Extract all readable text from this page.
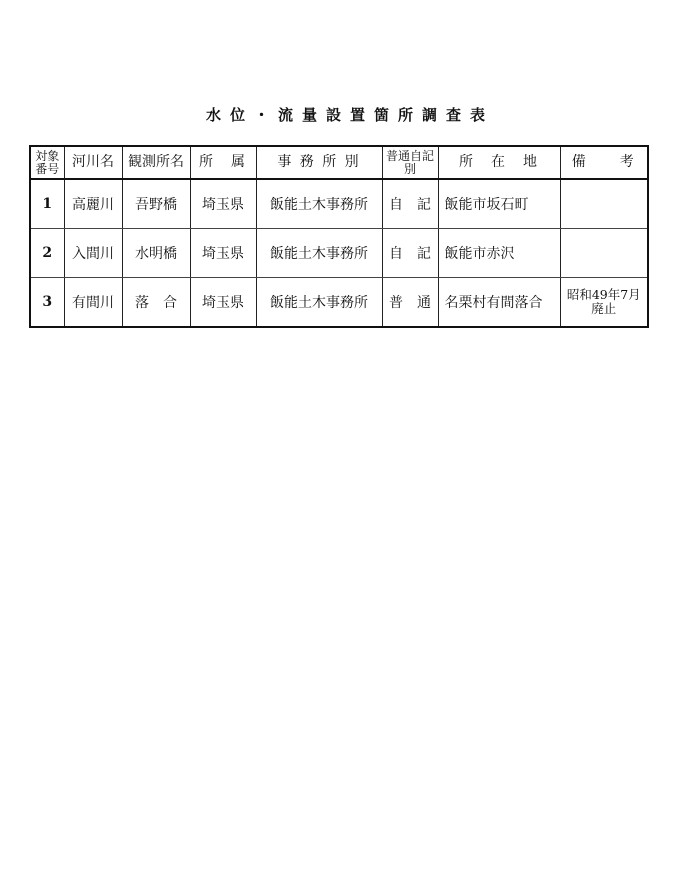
水位・流量設置箇所調査表
対象番号	河川名	観測所名	所　属	事 務 所 別	普通自記別	所　在　地	備　　考
1	高麗川	吾野橋	埼玉県	飯能土木事務所	自　記	飯能市坂石町	
2	入間川	水明橋	埼玉県	飯能土木事務所	自　記	飯能市赤沢	
3	有間川	落　合	埼玉県	飯能土木事務所	普　通	名栗村有間落合	昭和49年7月廃止
